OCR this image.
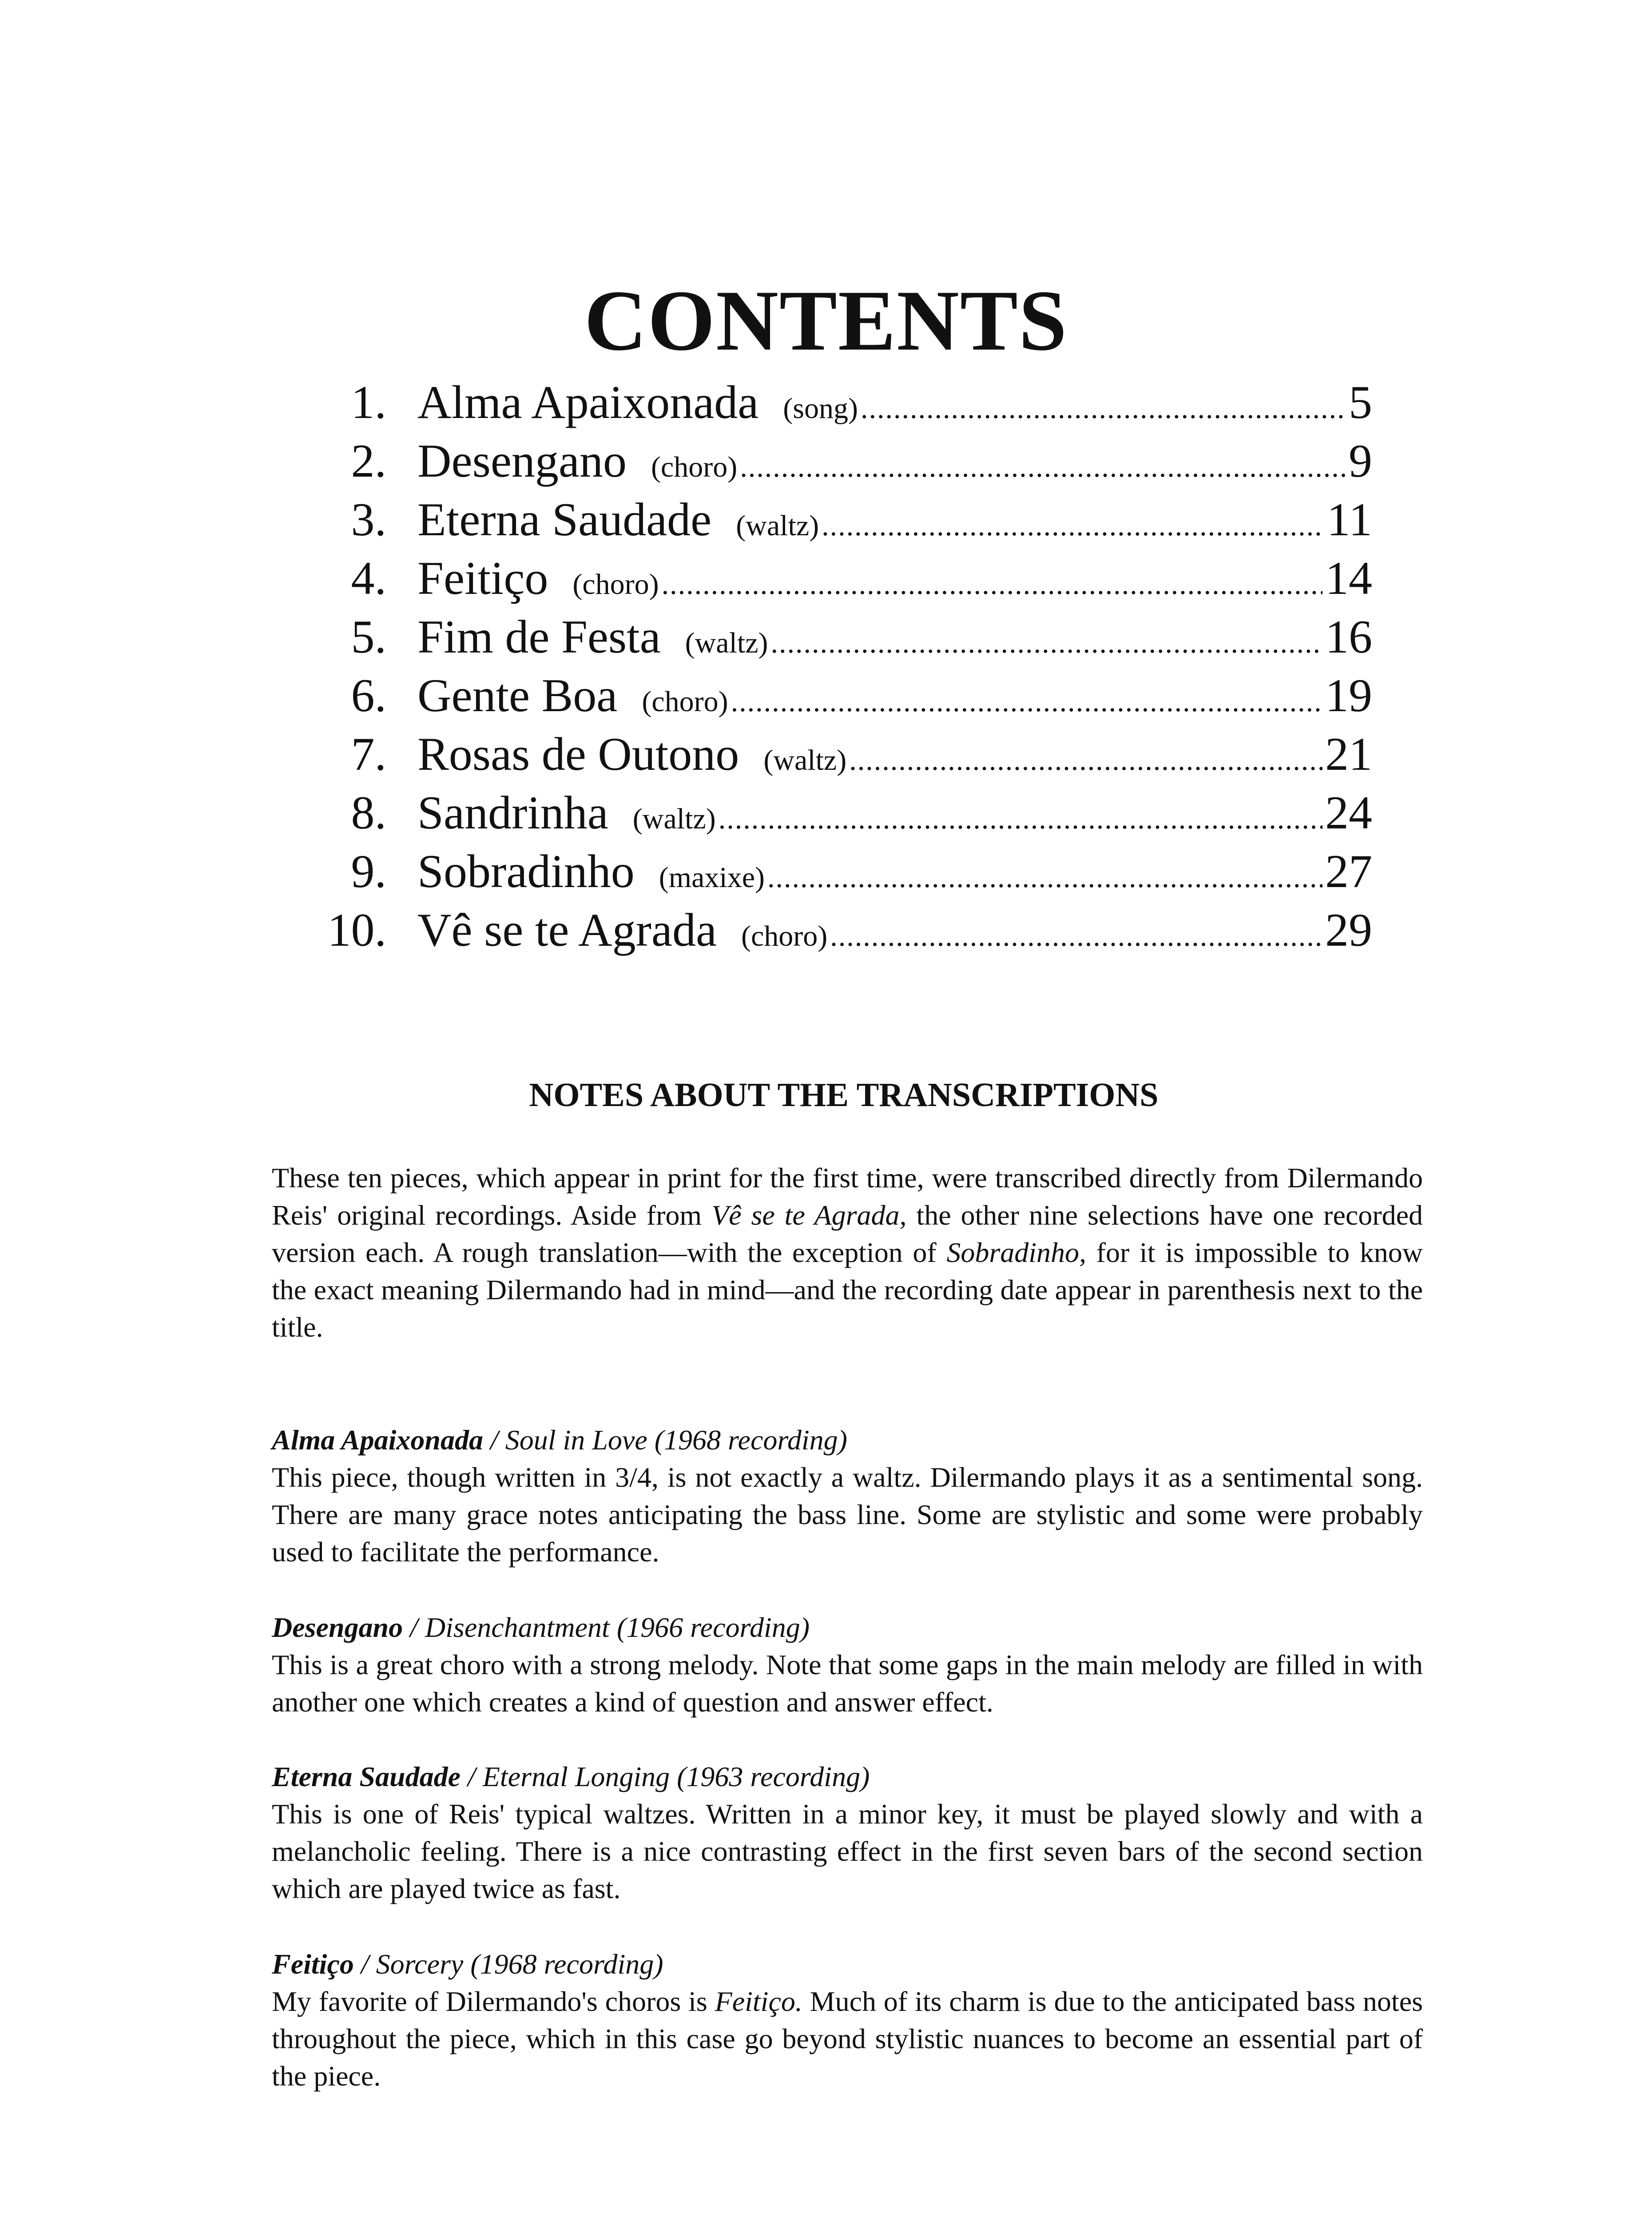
CONTENTS
1. Alma Apaixonada (song) .....	5
2. Desengano (choro) .....	9
3. Eterna Saudade (waltz) .....	11
4. Feitiço (choro) .....	14
5. Fim de Festa (waltz) .....	16
6. Gente Boa (choro) .....	19
7. Rosas de Outono (waltz) .....	21
8. Sandrinha (waltz) .....	24
9. Sobradinho (maxixe) .....	27
10. Vê se te Agrada (choro) .....	29
NOTES ABOUT THE TRANSCRIPTIONS
These ten pieces, which appear in print for the first time, were transcribed directly from Dilermando Reis' original recordings. Aside from Vê se te Agrada, the other nine selections have one recorded version each. A rough translation—with the exception of Sobradinho, for it is impossible to know the exact meaning Dilermando had in mind—and the recording date appear in parenthesis next to the title.
Alma Apaixonada / Soul in Love (1968 recording)
This piece, though written in 3/4, is not exactly a waltz. Dilermando plays it as a sentimental song. There are many grace notes anticipating the bass line. Some are stylistic and some were probably used to facilitate the performance.
Desengano / Disenchantment (1966 recording)
This is a great choro with a strong melody. Note that some gaps in the main melody are filled in with another one which creates a kind of question and answer effect.
Eterna Saudade / Eternal Longing (1963 recording)
This is one of Reis' typical waltzes. Written in a minor key, it must be played slowly and with a melancholic feeling. There is a nice contrasting effect in the first seven bars of the second section which are played twice as fast.
Feitiço / Sorcery (1968 recording)
My favorite of Dilermando's choros is Feitiço. Much of its charm is due to the anticipated bass notes throughout the piece, which in this case go beyond stylistic nuances to become an essential part of the piece.
